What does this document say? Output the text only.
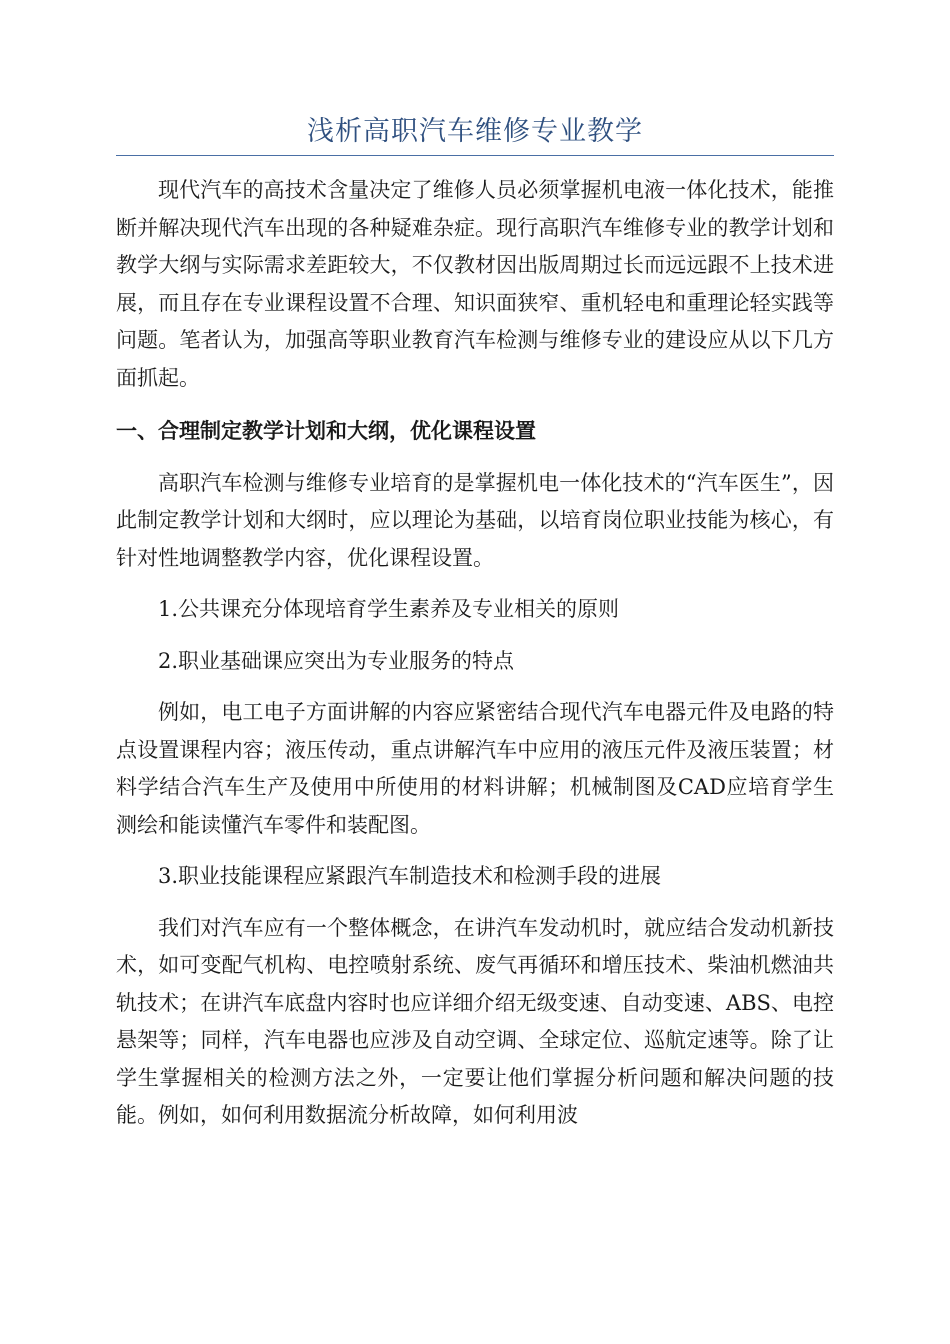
浅析高职汽车维修专业教学

现代汽车的高技术含量决定了维修人员必须掌握机电液一体化技术，能推断并解决现代汽车出现的各种疑难杂症。现行高职汽车维修专业的教学计划和教学大纲与实际需求差距较大，不仅教材因出版周期过长而远远跟不上技术进展，而且存在专业课程设置不合理、知识面狭窄、重机轻电和重理论轻实践等问题。笔者认为，加强高等职业教育汽车检测与维修专业的建设应从以下几方面抓起。

一、合理制定教学计划和大纲，优化课程设置

高职汽车检测与维修专业培育的是掌握机电一体化技术的“汽车医生”，因此制定教学计划和大纲时，应以理论为基础，以培育岗位职业技能为核心，有针对性地调整教学内容，优化课程设置。

1.公共课充分体现培育学生素养及专业相关的原则

2.职业基础课应突出为专业服务的特点

例如，电工电子方面讲解的内容应紧密结合现代汽车电器元件及电路的特点设置课程内容；液压传动，重点讲解汽车中应用的液压元件及液压装置；材料学结合汽车生产及使用中所使用的材料讲解；机械制图及CAD应培育学生测绘和能读懂汽车零件和装配图。

3.职业技能课程应紧跟汽车制造技术和检测手段的进展

我们对汽车应有一个整体概念，在讲汽车发动机时，就应结合发动机新技术，如可变配气机构、电控喷射系统、废气再循环和增压技术、柴油机燃油共轨技术；在讲汽车底盘内容时也应详细介绍无级变速、自动变速、ABS、电控悬架等；同样，汽车电器也应涉及自动空调、全球定位、巡航定速等。除了让学生掌握相关的检测方法之外，一定要让他们掌握分析问题和解决问题的技能。例如，如何利用数据流分析故障，如何利用波
